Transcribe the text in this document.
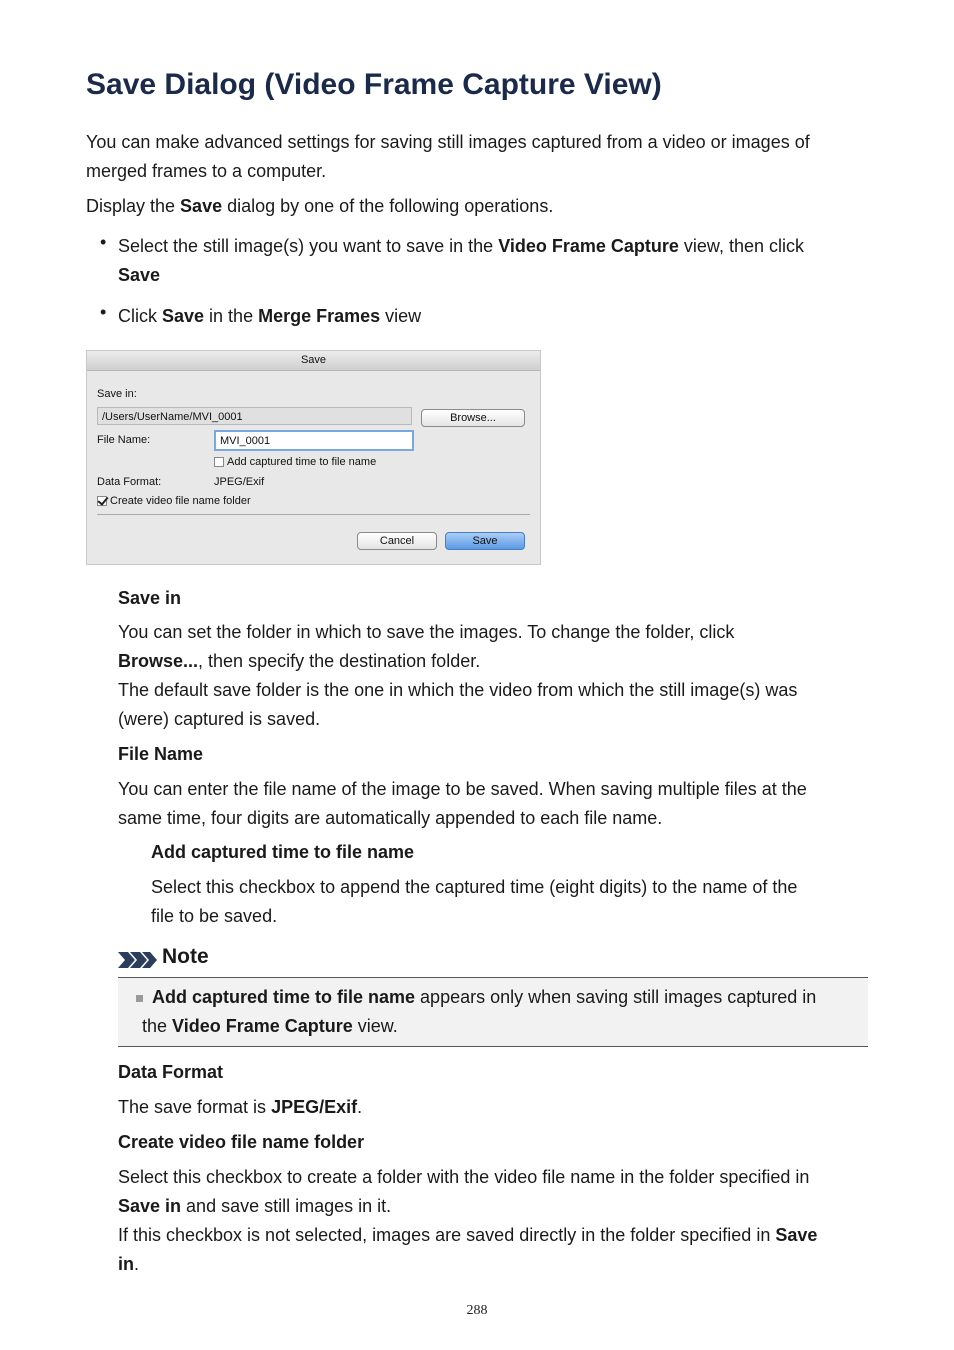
Save Dialog (Video Frame Capture View)

You can make advanced settings for saving still images captured from a video or images of
merged frames to a computer.

Display the Save dialog by one of the following operations.

• Select the still image(s) you want to save in the Video Frame Capture view, then click
Save
• Click Save in the Merge Frames view
Save
Save in:
/Users/UserName/MVI_0001	Browse...
File Name:	MVI_0001
Add captured time to file name
Data Format:	JPEG/Exif
Create video file name folder
Cancel	Save

Save in

You can set the folder in which to save the images. To change the folder, click
Browse..., then specify the destination folder.
The default save folder is the one in which the video from which the still image(s) was
(were) captured is saved.

File Name

You can enter the file name of the image to be saved. When saving multiple files at the
same time, four digits are automatically appended to each file name.

Add captured time to file name

Select this checkbox to append the captured time (eight digits) to the name of the
file to be saved.

Note

Add captured time to file name appears only when saving still images captured in
the Video Frame Capture view.

Data Format

The save format is JPEG/Exif.

Create video file name folder

Select this checkbox to create a folder with the video file name in the folder specified in
Save in and save still images in it.
If this checkbox is not selected, images are saved directly in the folder specified in Save
in.

288
